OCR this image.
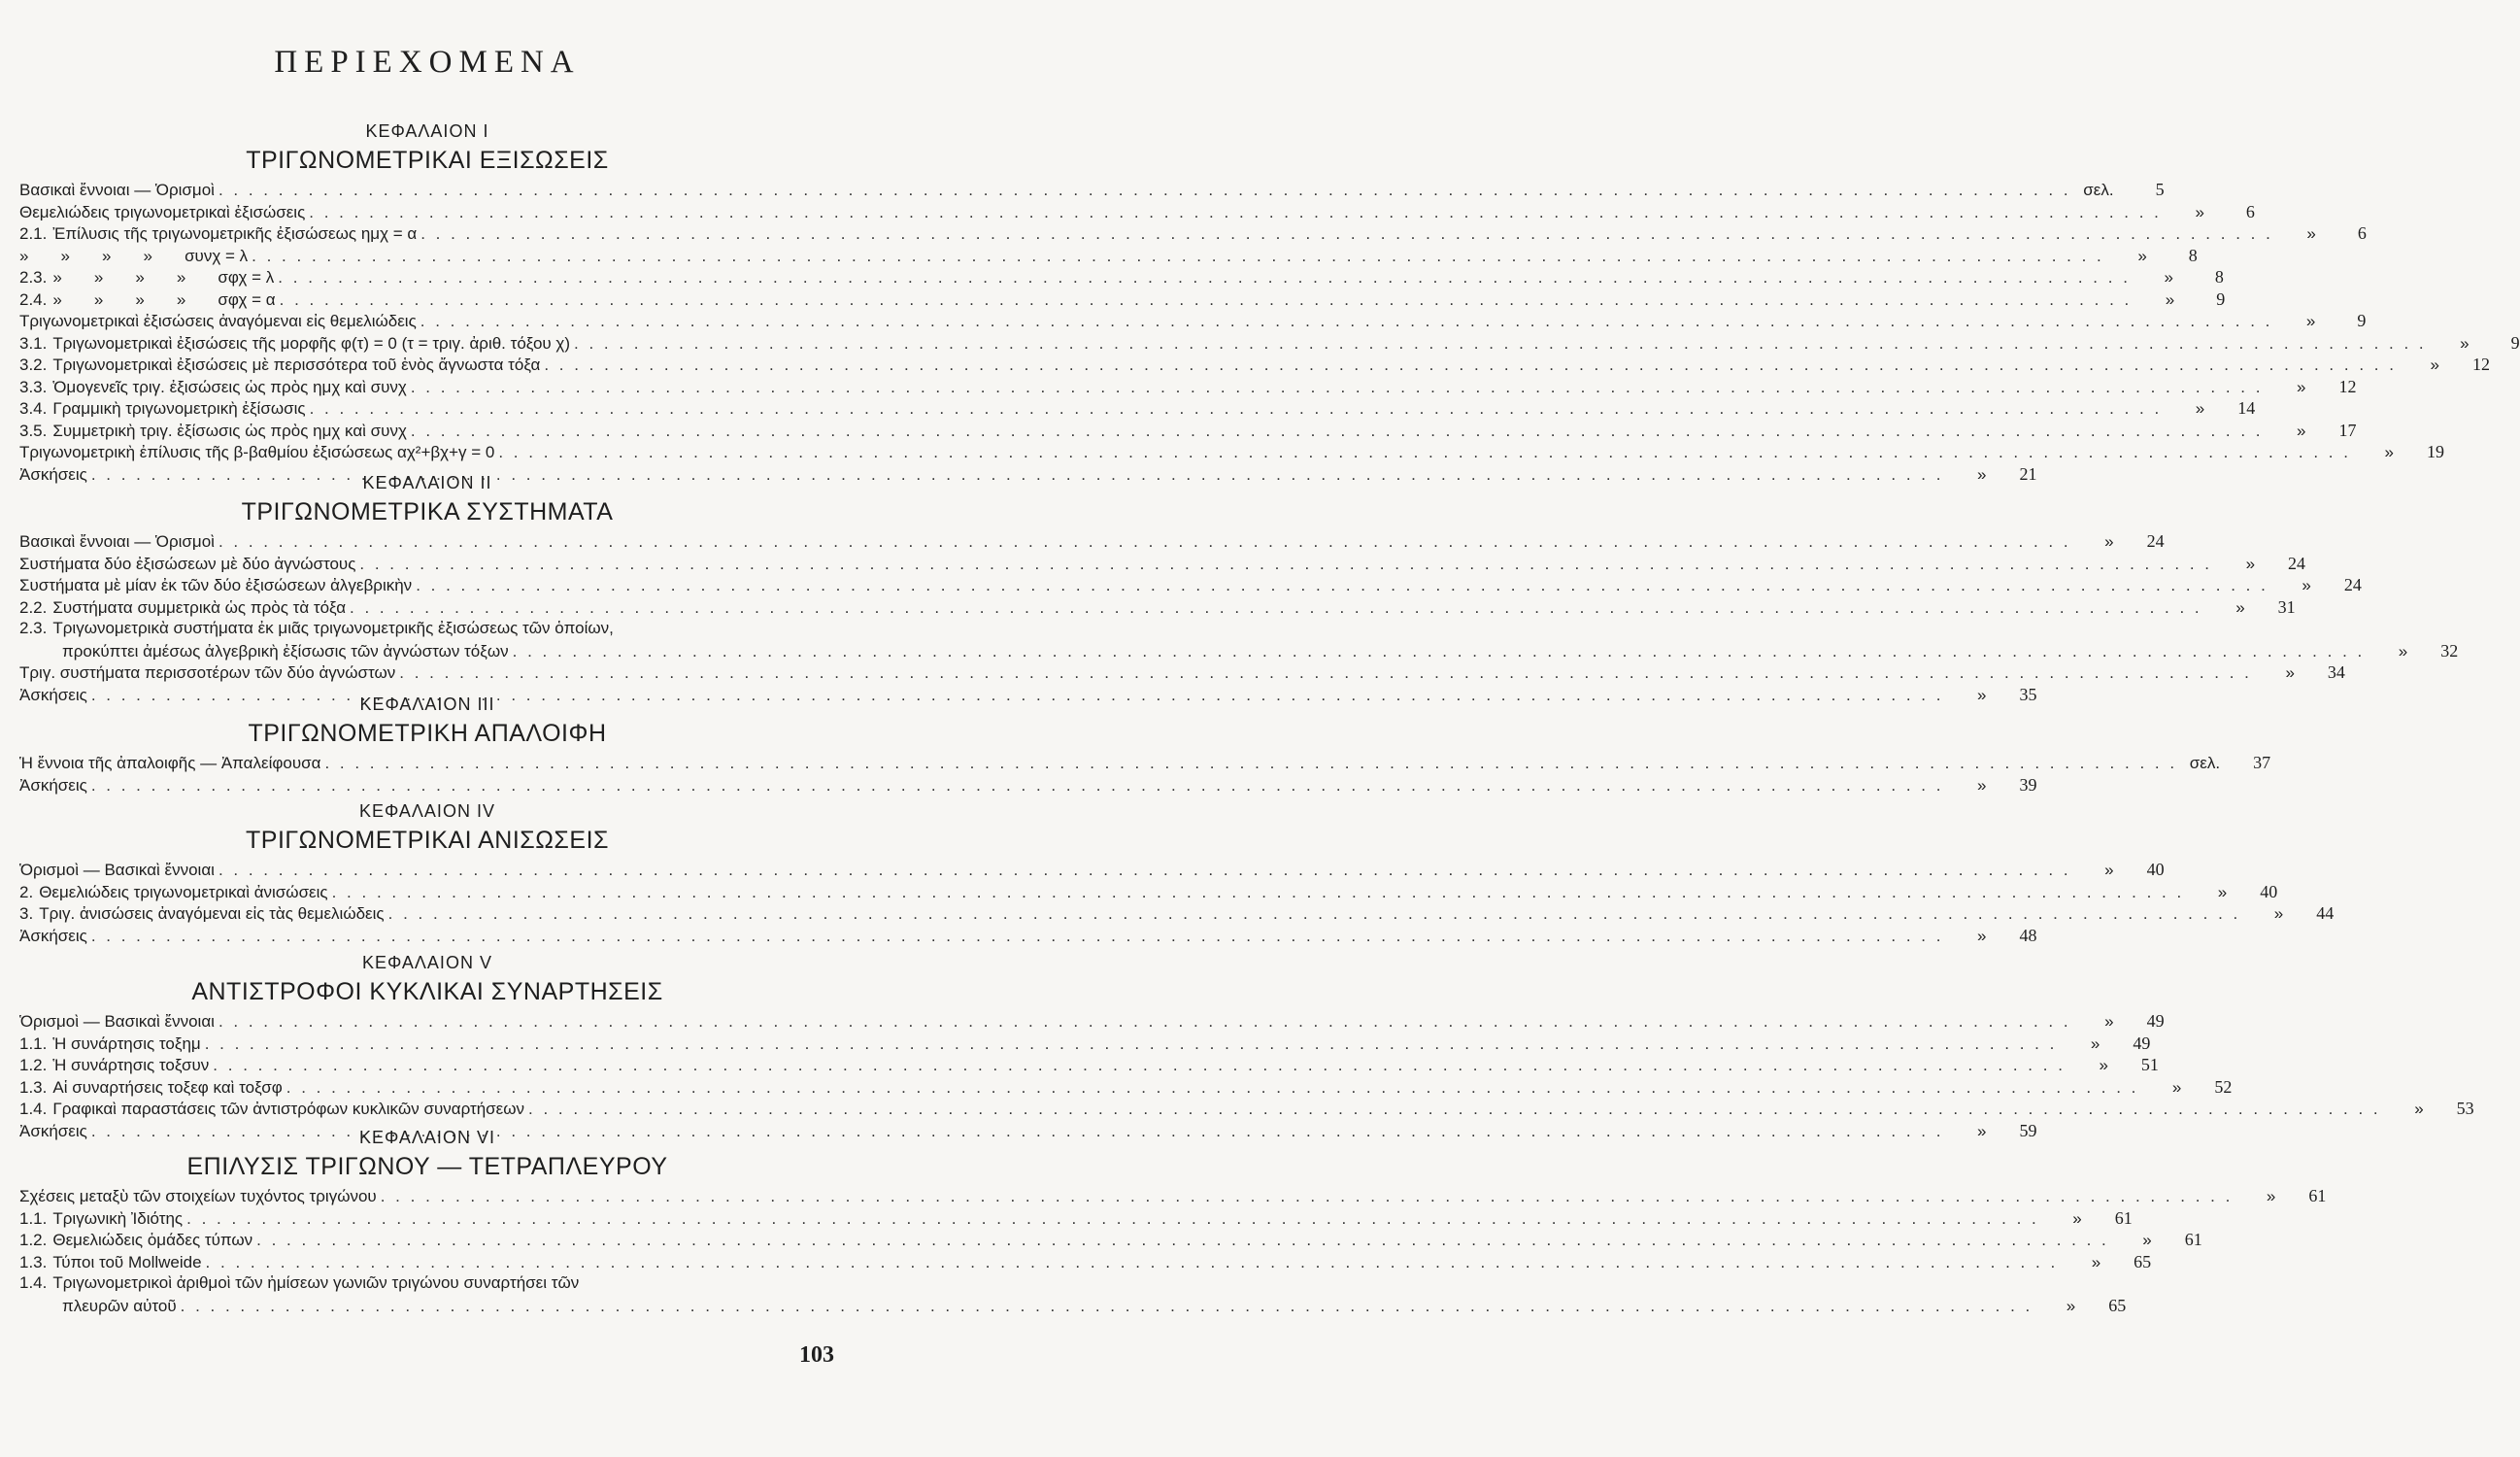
ΠΕΡΙΕΧΟΜΕΝΑ
ΚΕΦΑΛΑΙΟΝ Ι
ΤΡΙΓΩΝΟΜΕΤΡΙΚΑΙ ΕΞΙΣΩΣΕΙΣ
Βασικαὶ ἔννοιαι — Ὁρισμοὶ . . .	σελ.	5
Θεμελιώδεις τριγωνομετρικαὶ ἐξισώσεις . . .	»	6
2.1. Ἐπίλυσις τῆς τριγωνομετρικῆς ἐξισώσεως ημχ = α . . .	»	6
»       »       »       »       συνχ = λ . . .	»	8
2.3. »       »       »       »       σφχ = λ . . .	»	8
2.4. »       »       »       »       σφχ = α . . .	»	9
Τριγωνομετρικαὶ ἐξισώσεις ἀναγόμεναι εἰς θεμελιώδεις . . .	»	9
3.1. Τριγωνομετρικαὶ ἐξισώσεις τῆς μορφῆς φ(τ) = 0 (τ = τριγ. ἀριθ. τόξου χ) . . .	»	9
3.2. Τριγωνομετρικαὶ ἐξισώσεις μὲ περισσότερα τοῦ ἑνὸς ἄγνωστα τόξα . . .	»	12
3.3. Ὁμογενεῖς τριγ. ἐξισώσεις ὡς πρὸς ημχ καὶ συνχ . . .	»	12
3.4. Γραμμικὴ τριγωνομετρικὴ ἐξίσωσις . . .	»	14
3.5. Συμμετρικὴ τριγ. ἐξίσωσις ὡς πρὸς ημχ καὶ συνχ . . .	»	17
Τριγωνομετρικὴ ἐπίλυσις τῆς β-βαθμίου ἐξισώσεως αχ²+βχ+γ = 0 . . .	»	19
Ἀσκήσεις . . .	»	21
ΚΕΦΑΛΑΙΟΝ ΙΙ
ΤΡΙΓΩΝΟΜΕΤΡΙΚΑ ΣΥΣΤΗΜΑΤΑ
Βασικαὶ ἔννοιαι — Ὁρισμοὶ . . .	»	24
Συστήματα δύο ἐξισώσεων μὲ δύο ἀγνώστους . . .	»	24
Συστήματα μὲ μίαν ἐκ τῶν δύο ἐξισώσεων ἀλγεβρικὴν . . .	»	24
2.2. Συστήματα συμμετρικὰ ὡς πρὸς τὰ τόξα . . .	»	31
2.3. Τριγωνομετρικὰ συστήματα ἐκ μιᾶς τριγωνομετρικῆς ἐξισώσεως τῶν ὁποίων,
προκύπτει ἀμέσως ἀλγεβρικὴ ἐξίσωσις τῶν ἀγνώστων τόξων . . .	»	32
Τριγ. συστήματα περισσοτέρων τῶν δύο ἀγνώστων . . .	»	34
Ἀσκήσεις . . .	»	35
ΚΕΦΑΛΑΙΟΝ ΙΙΙ
ΤΡΙΓΩΝΟΜΕΤΡΙΚΗ ΑΠΑΛΟΙΦΗ
Ἡ ἔννοια τῆς ἀπαλοιφῆς — Ἀπαλείφουσα . . .	σελ.	37
Ἀσκήσεις . . .	»	39
ΚΕΦΑΛΑΙΟΝ IV
ΤΡΙΓΩΝΟΜΕΤΡΙΚΑΙ ΑΝΙΣΩΣΕΙΣ
Ὁρισμοὶ — Βασικαὶ ἔννοιαι . . .	»	40
2. Θεμελιώδεις τριγωνομετρικαὶ ἀνισώσεις . . .	»	40
3. Τριγ. ἀνισώσεις ἀναγόμεναι εἰς τὰς θεμελιώδεις . . .	»	44
Ἀσκήσεις . . .	»	48
ΚΕΦΑΛΑΙΟΝ V
ΑΝΤΙΣΤΡΟΦΟΙ ΚΥΚΛΙΚΑΙ ΣΥΝΑΡΤΗΣΕΙΣ
Ὁρισμοὶ — Βασικαὶ ἔννοιαι . . .	»	49
1.1. Ἡ συνάρτησις τοξημ . . .	»	49
1.2. Ἡ συνάρτησις τοξσυν . . .	»	51
1.3. Αἱ συναρτήσεις τοξεφ καὶ τοξσφ . . .	»	52
1.4. Γραφικαὶ παραστάσεις τῶν ἀντιστρόφων κυκλικῶν συναρτήσεων . . .	»	53
Ἀσκήσεις . . .	»	59
ΚΕΦΑΛΑΙΟΝ VI
ΕΠΙΛΥΣΙΣ ΤΡΙΓΩΝΟΥ — ΤΕΤΡΑΠΛΕΥΡΟΥ
Σχέσεις μεταξὺ τῶν στοιχείων τυχόντος τριγώνου . . .	»	61
1.1. Τριγωνικὴ Ἰδιότης . . .	»	61
1.2. Θεμελιώδεις ὁμάδες τύπων . . .	»	61
1.3. Τύποι τοῦ Mollweide . . .	»	65
1.4. Τριγωνομετρικοὶ ἀριθμοὶ τῶν ἡμίσεων γωνιῶν τριγώνου συναρτήσει τῶν
πλευρῶν αὐτοῦ . . .	»	65
103
